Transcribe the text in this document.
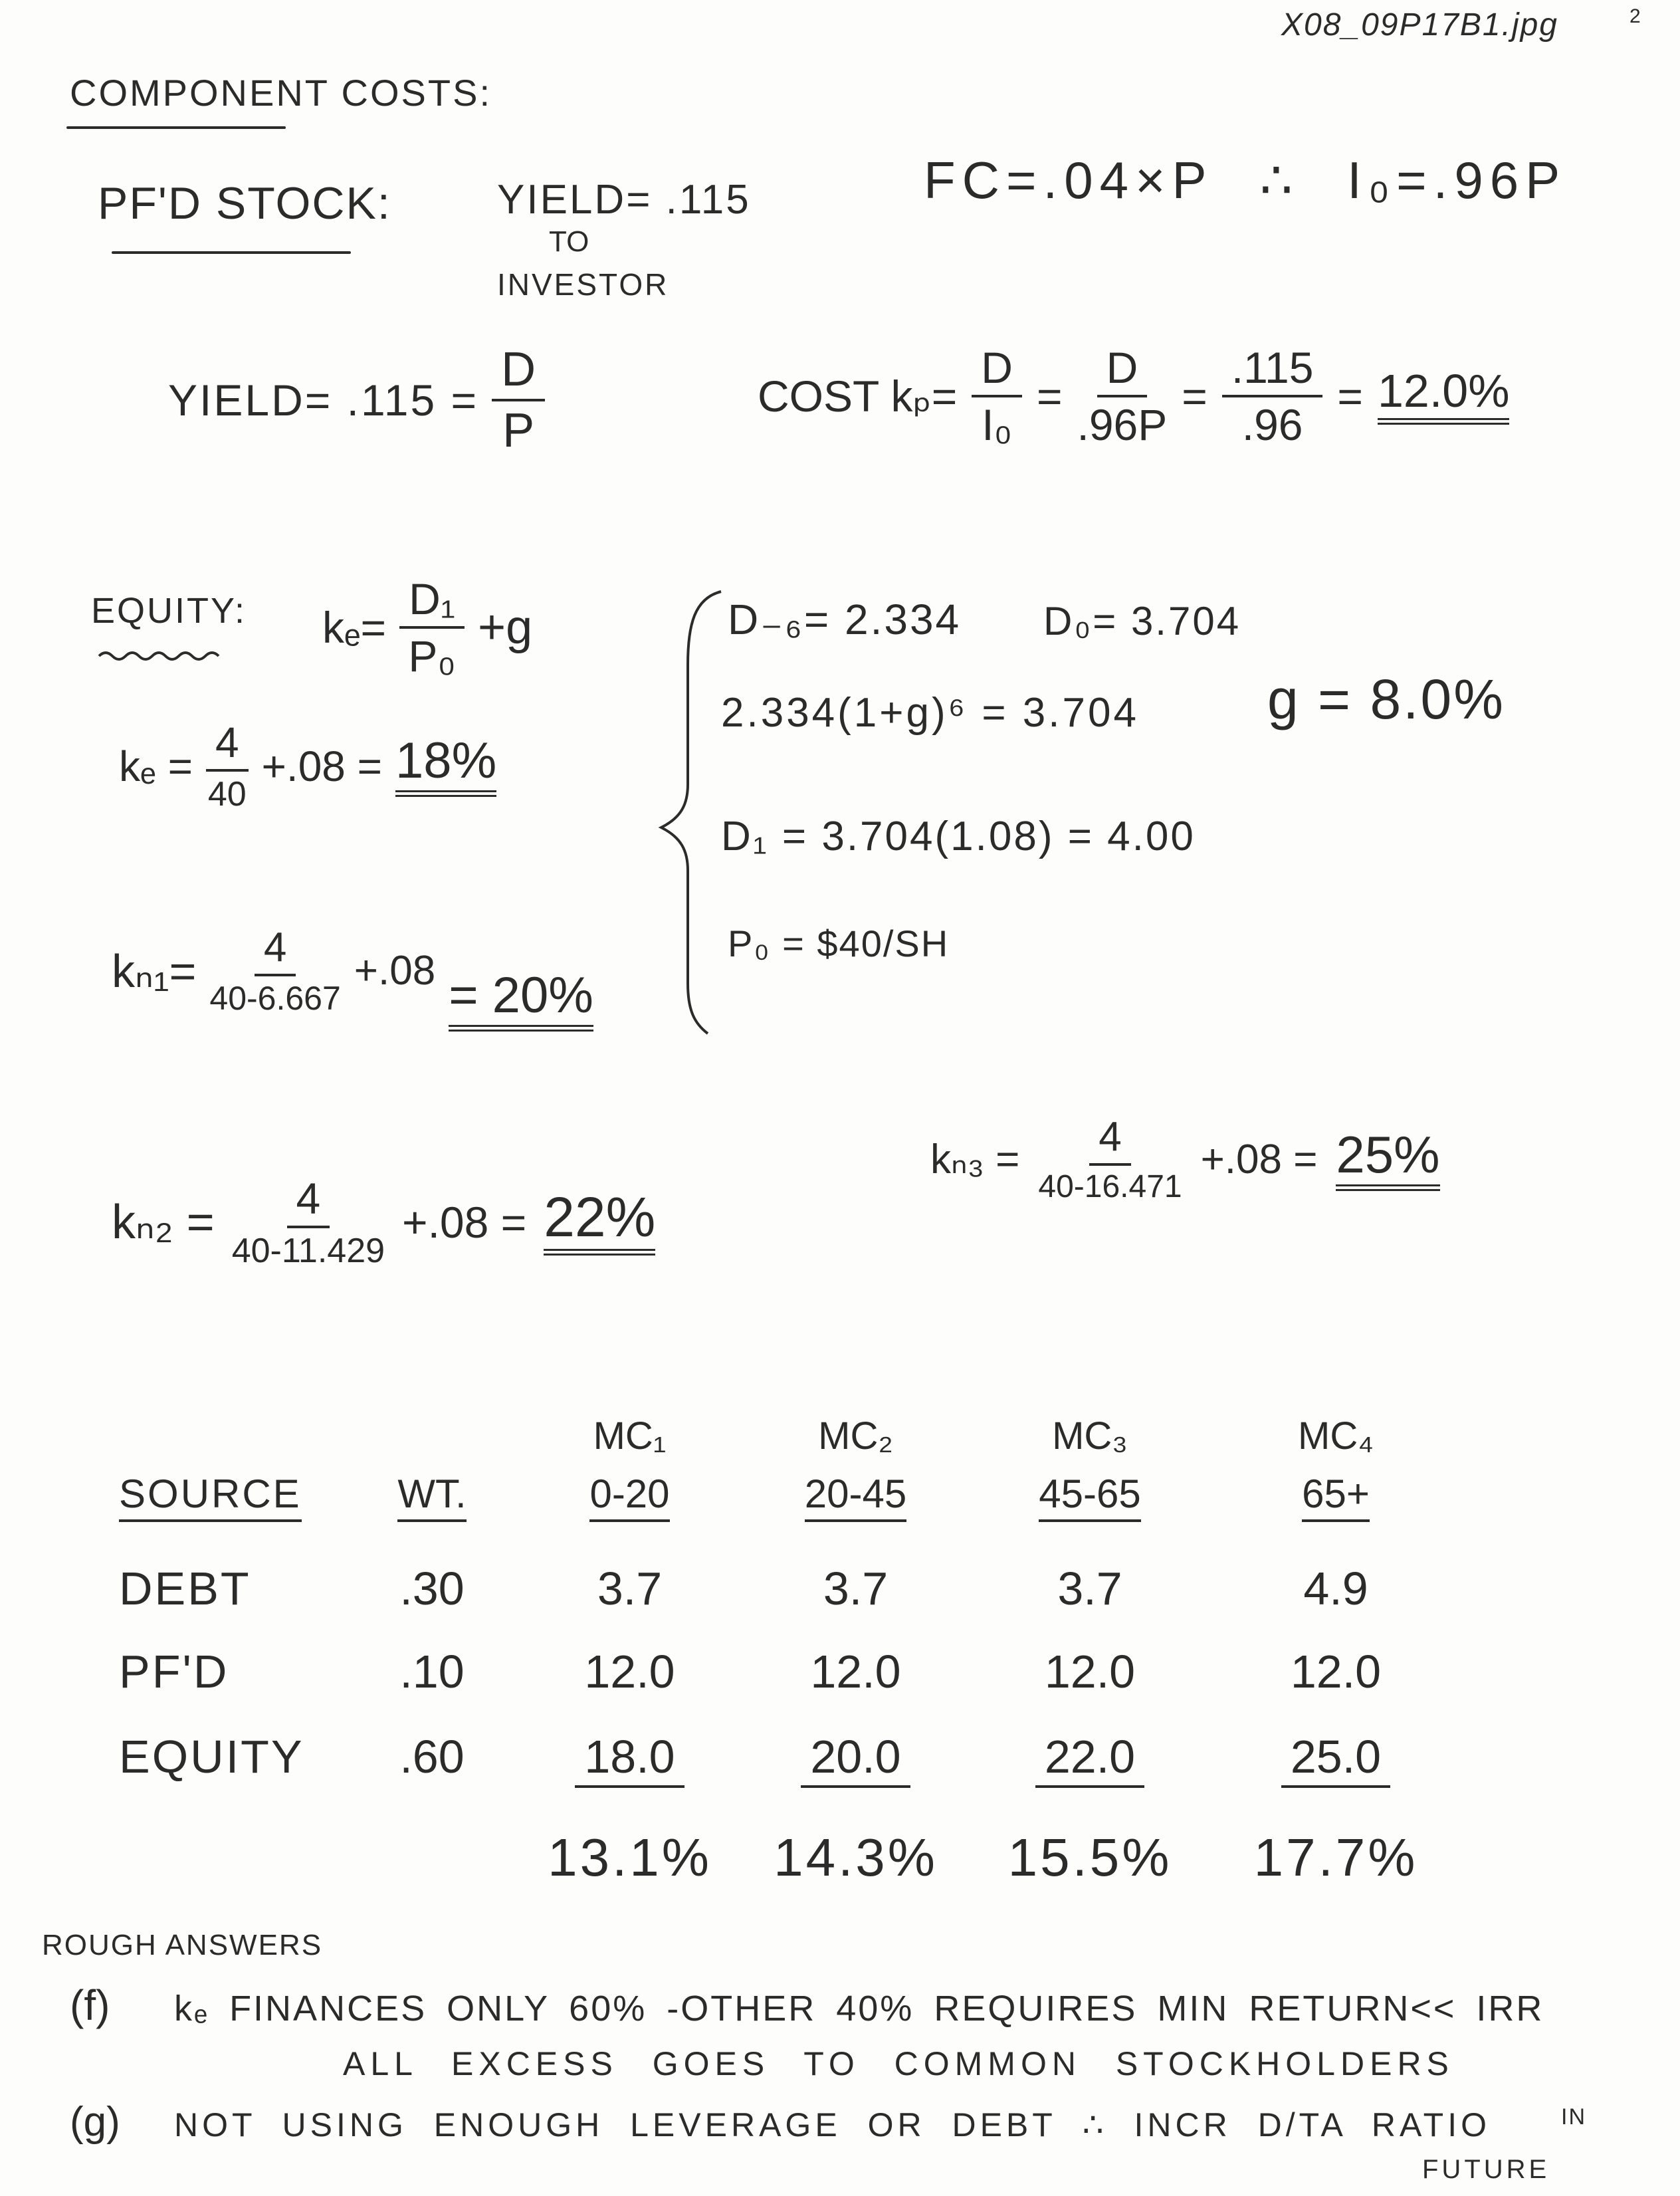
X08_09P17B1.jpg	2
COMPONENT COSTS:
PF'D STOCK:	YIELD= .115
TO
INVESTOR
FC=.04×P ∴ I₀=.96P
YIELD= $.115 = \frac{D}{P}$	COST $k_p= \frac{D}{\text{I₀}} = \frac{D}{.96P} = \frac{.115}{.96} = 12.0\%$
EQUITY: $k_e= \frac{\text{D₁}}{\text{P₀}} +g$	D₋₆= 2.334 D₀= 3.704
2.334(1+g)⁶ = 3.704 g = 8.0%
D₁ = 3.704(1.08) = 4.00
P₀ = $40/SH
$k_e = \frac{4}{40} +.08 = 18\%$
$k_{n1}= \frac{4}{40-6.667} +.08 = 20\%$
$k_{n3} = \frac{4}{40-16.471} +.08 = 25\%$
$k_{n2} = \frac{4}{40-11.429} +.08 = 22\%$
MC₁	MC₂	MC₃	MC₄
SOURCE	WT.	0-20	20-45	45-65	65+
DEBT	.30	3.7	3.7	3.7	4.9
PF'D	.10	12.0	12.0	12.0	12.0
EQUITY	.60	18.0	20.0	22.0	25.0
13.1%	14.3%	15.5%	17.7%
ROUGH ANSWERS
(f) kₑ FINANCES ONLY 60% -OTHER 40% REQUIRES MIN RETURN<< IRR
ALL EXCESS GOES TO COMMON STOCKHOLDERS
(g) NOT USING ENOUGH LEVERAGE OR DEBT ∴ INCR D/TA RATIO	IN
FUTURE
